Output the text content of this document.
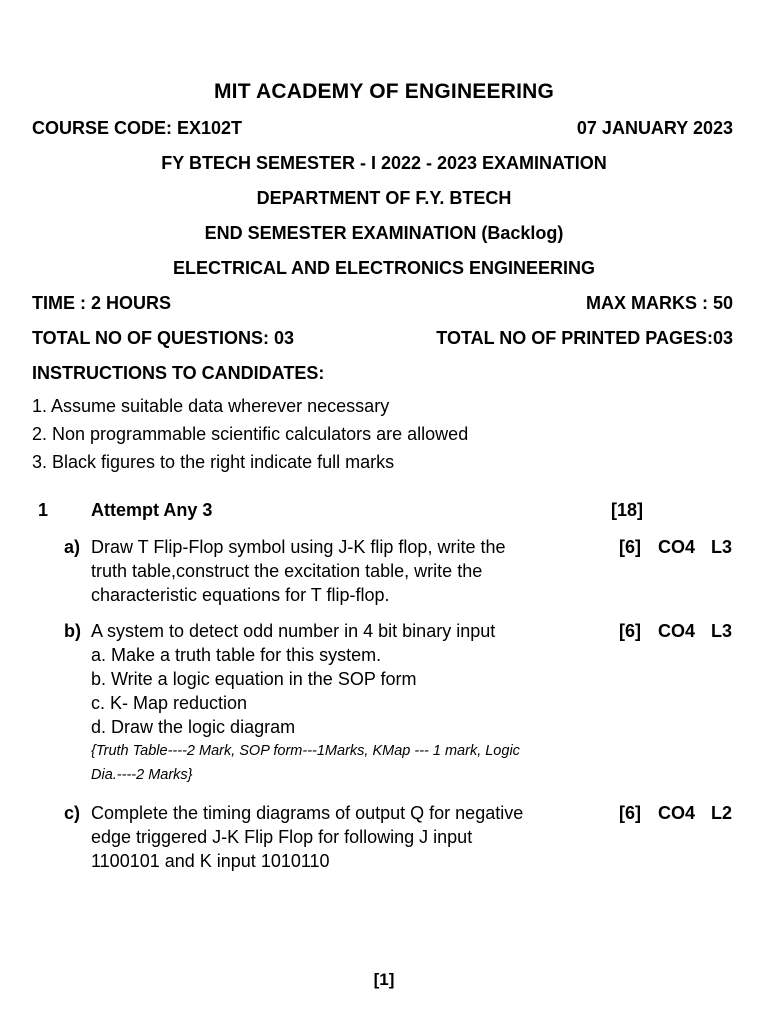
MIT ACADEMY OF ENGINEERING
COURSE CODE: EX102T	07 JANUARY 2023
FY BTECH SEMESTER - I 2022 - 2023 EXAMINATION
DEPARTMENT OF F.Y. BTECH
END SEMESTER EXAMINATION (Backlog)
ELECTRICAL AND ELECTRONICS ENGINEERING
TIME : 2 HOURS	MAX MARKS : 50
TOTAL NO OF QUESTIONS: 03	TOTAL NO OF PRINTED PAGES:03
INSTRUCTIONS TO CANDIDATES:
1. Assume suitable data wherever necessary
2. Non programmable scientific calculators are allowed
3. Black figures to the right indicate full marks
1 Attempt Any 3	[18]
a) Draw T Flip-Flop symbol using J-K flip flop, write the
truth table,construct the excitation table, write the
characteristic equations for T flip-flop.
[6] CO4 L3
b) A system to detect odd number in 4 bit binary input
a. Make a truth table for this system.
b. Write a logic equation in the SOP form
c. K- Map reduction
d. Draw the logic diagram
{Truth Table----2 Mark, SOP form---1Marks, KMap --- 1 mark, Logic
Dia.----2 Marks}
[6] CO4 L3
c) Complete the timing diagrams of output Q for negative
edge triggered J-K Flip Flop for following J input
1100101 and K input 1010110
[6] CO4 L2
[1]
